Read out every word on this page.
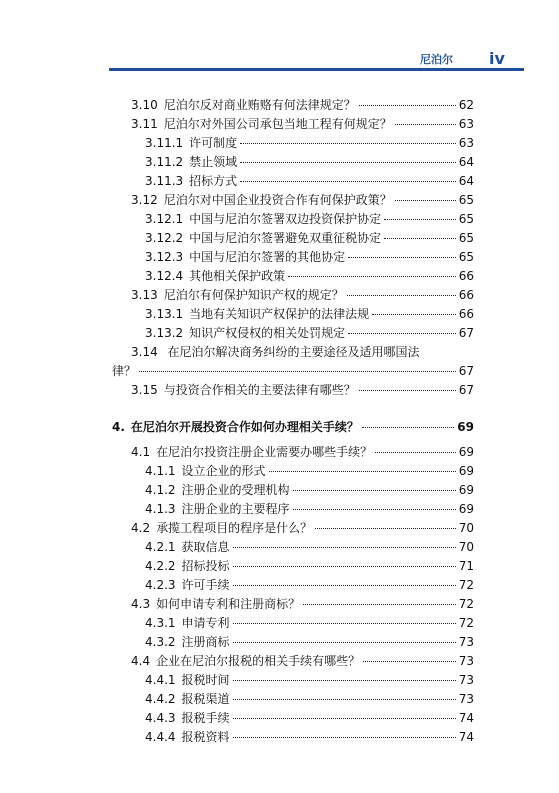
尼泊尔 iv
3.10 尼泊尔反对商业贿赂有何法律规定？	62
3.11 尼泊尔对外国公司承包当地工程有何规定？	63
3.11.1 许可制度	63
3.11.2 禁止领域	64
3.11.3 招标方式	64
3.12 尼泊尔对中国企业投资合作有何保护政策？	65
3.12.1 中国与尼泊尔签署双边投资保护协定	65
3.12.2 中国与尼泊尔签署避免双重征税协定	65
3.12.3 中国与尼泊尔签署的其他协定	65
3.12.4 其他相关保护政策	66
3.13 尼泊尔有何保护知识产权的规定？	66
3.13.1 当地有关知识产权保护的法律法规	66
3.13.2 知识产权侵权的相关处罚规定	67
3.14 在尼泊尔解决商务纠纷的主要途径及适用哪国法
律？	67
3.15 与投资合作相关的主要法律有哪些？	67
4. 在尼泊尔开展投资合作如何办理相关手续？	69
4.1 在尼泊尔投资注册企业需要办哪些手续？	69
4.1.1 设立企业的形式	69
4.1.2 注册企业的受理机构	69
4.1.3 注册企业的主要程序	69
4.2 承揽工程项目的程序是什么？	70
4.2.1 获取信息	70
4.2.2 招标投标	71
4.2.3 许可手续	72
4.3 如何申请专利和注册商标？	72
4.3.1 申请专利	72
4.3.2 注册商标	73
4.4 企业在尼泊尔报税的相关手续有哪些？	73
4.4.1 报税时间	73
4.4.2 报税渠道	73
4.4.3 报税手续	74
4.4.4 报税资料	74
